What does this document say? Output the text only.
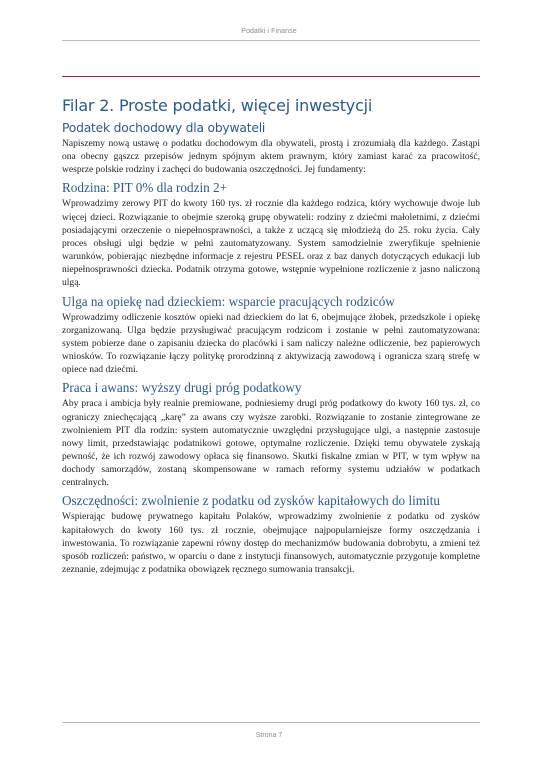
Podatki i Finanse
Filar 2. Proste podatki, więcej inwestycji
Podatek dochodowy dla obywateli

Napiszemy nową ustawę o podatku dochodowym dla obywateli, prostą i zrozumiałą dla każdego. Zastąpi ona obecny gąszcz przepisów jednym spójnym aktem prawnym, który zamiast karać za pracowitość, wesprze polskie rodziny i zachęci do budowania oszczędności. Jej fundamenty:

Rodzina: PIT 0% dla rodzin 2+

Wprowadzimy zerowy PIT do kwoty 160 tys. zł rocznie dla każdego rodzica, który wychowuje dwoje lub więcej dzieci. Rozwiązanie to obejmie szeroką grupę obywateli: rodziny z dziećmi małoletnimi, z dziećmi posiadającymi orzeczenie o niepełnosprawności, a także z uczącą się młodzieżą do 25. roku życia. Cały proces obsługi ulgi będzie w pełni zautomatyzowany. System samodzielnie zweryfikuje spełnienie warunków, pobierając niezbędne informacje z rejestru PESEL oraz z baz danych dotyczących edukacji lub niepełnosprawności dziecka. Podatnik otrzyma gotowe, wstępnie wypełnione rozliczenie z jasno naliczoną ulgą.

Ulga na opiekę nad dzieckiem: wsparcie pracujących rodziców

Wprowadzimy odliczenie kosztów opieki nad dzieckiem do lat 6, obejmujące żłobek, przedszkole i opiekę zorganizowaną. Ulga będzie przysługiwać pracującym rodzicom i zostanie w pełni zautomatyzowana: system pobierze dane o zapisaniu dziecka do placówki i sam naliczy należne odliczenie, bez papierowych wniosków. To rozwiązanie łączy politykę prorodzinną z aktywizacją zawodową i ogranicza szarą strefę w opiece nad dziećmi.

Praca i awans: wyższy drugi próg podatkowy

Aby praca i ambicja były realnie premiowane, podniesiemy drugi próg podatkowy do kwoty 160 tys. zł, co ograniczy zniechęcającą „karę” za awans czy wyższe zarobki. Rozwiązanie to zostanie zintegrowane ze zwolnieniem PIT dla rodzin: system automatycznie uwzględni przysługujące ulgi, a następnie zastosuje nowy limit, przedstawiając podatnikowi gotowe, optymalne rozliczenie. Dzięki temu obywatele zyskają pewność, że ich rozwój zawodowy opłaca się finansowo. Skutki fiskalne zmian w PIT, w tym wpływ na dochody samorządów, zostaną skompensowane w ramach reformy systemu udziałów w podatkach centralnych.

Oszczędności: zwolnienie z podatku od zysków kapitałowych do limitu

Wspierając budowę prywatnego kapitału Polaków, wprowadzimy zwolnienie z podatku od zysków kapitałowych do kwoty 160 tys. zł rocznie, obejmujące najpopularniejsze formy oszczędzania i inwestowania. To rozwiązanie zapewni równy dostęp do mechanizmów budowania dobrobytu, a zmieni też sposób rozliczeń: państwo, w oparciu o dane z instytucji finansowych, automatycznie przygotuje kompletne zeznanie, zdejmując z podatnika obowiązek ręcznego sumowania transakcji.

Strona 7
